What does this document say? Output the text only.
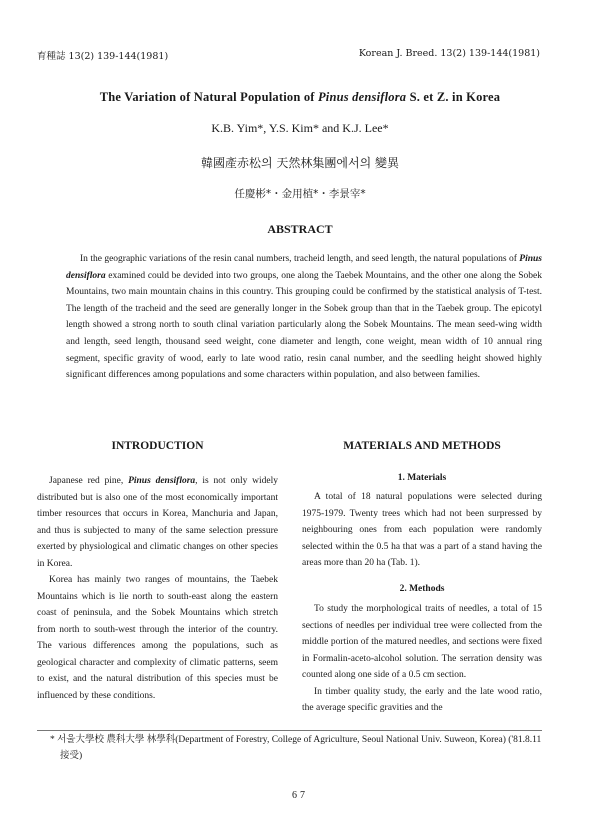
育種誌 13(2) 139-144(1981)	Korean J. Breed. 13(2) 139-144(1981)
The Variation of Natural Population of Pinus densiflora S. et Z. in Korea
K.B. Yim*, Y.S. Kim* and K.J. Lee*
韓國產赤松의 天然林集團에서의 變異
任慶彬*・金用植*・李景宰*
ABSTRACT

In the geographic variations of the resin canal numbers, tracheid length, and seed length, the natural populations of Pinus densiflora examined could be devided into two groups, one along the Taebek Mountains, and the other one along the Sobek Mountains, two main mountain chains in this country. This grouping could be confirmed by the statistical analysis of T-test. The length of the tracheid and the seed are generally longer in the Sobek group than that in the Taebek group. The epicotyl length showed a strong north to south clinal variation particularly along the Sobek Mountains. The mean seed-wing width and length, seed length, thousand seed weight, cone diameter and length, cone weight, mean width of 10 annual ring segment, specific gravity of wood, early to late wood ratio, resin canal number, and the seedling height showed highly significant differences among populations and some characters within population, and also between families.

INTRODUCTION	MATERIALS AND METHODS

Japanese red pine, Pinus densiflora, is not only widely distributed but is also one of the most economically important timber resources that occurs in Korea, Manchuria and Japan, and thus is subjected to many of the same selection pressure exerted by physiological and climatic changes on other species in Korea.

Korea has mainly two ranges of mountains, the Taebek Mountains which is lie north to south-east along the eastern coast of peninsula, and the Sobek Mountains which stretch from north to south-west through the interior of the country. The various differences among the populations, such as geological character and complexity of climatic patterns, seem to exist, and the natural distribution of this species must be influenced by these conditions.

1. Materials

A total of 18 natural populations were selected during 1975-1979. Twenty trees which had not been surpressed by neighbouring ones from each population were randomly selected within the 0.5 ha that was a part of a stand having the areas more than 20 ha (Tab. 1).

2. Methods

To study the morphological traits of needles, a total of 15 sections of needles per individual tree were collected from the middle portion of the matured needles, and sections were fixed in Formalin-aceto-alcohol solution. The serration density was counted along one side of a 0.5 cm section.

In timber quality study, the early and the late wood ratio, the average specific gravities and the

* 서울大學校 農科大學 林學科(Department of Forestry, College of Agriculture, Seoul National Univ. Suweon, Korea) ('81.8.11 接受)

67
